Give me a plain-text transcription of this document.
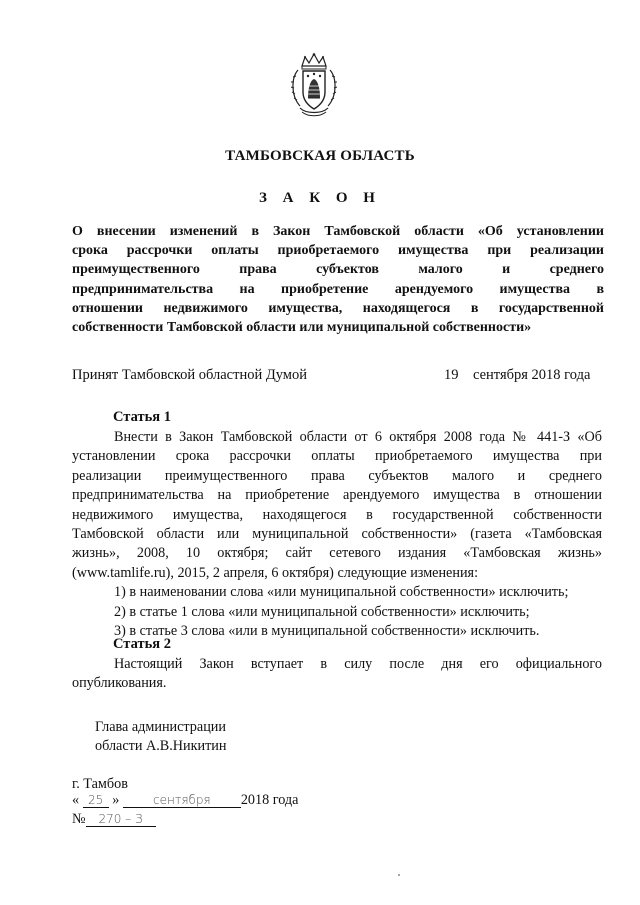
ТАМБОВСКАЯ ОБЛАСТЬ
З А К О Н
О внесении изменений в Закон Тамбовской области «Об установлении
срока рассрочки оплаты приобретаемого имущества при реализации
преимущественного права субъектов малого и среднего
предпринимательства на приобретение арендуемого имущества в
отношении недвижимого имущества, находящегося в государственной
собственности Тамбовской области или муниципальной собственности»
Принят Тамбовской областной Думой	19 сентября 2018 года
Статья 1
Внести в Закон Тамбовской области от 6 октября 2008 года № 441-З «Об
установлении срока рассрочки оплаты приобретаемого имущества при
реализации преимущественного права субъектов малого и среднего
предпринимательства на приобретение арендуемого имущества в отношении
недвижимого имущества, находящегося в государственной собственности
Тамбовской области или муниципальной собственности» (газета «Тамбовская
жизнь», 2008, 10 октября; сайт сетевого издания «Тамбовская жизнь»
(www.tamlife.ru), 2015, 2 апреля, 6 октября) следующие изменения:
1) в наименовании слова «или муниципальной собственности» исключить;
2) в статье 1 слова «или муниципальной собственности» исключить;
3) в статье 3 слова «или в муниципальной собственности» исключить.
Статья 2
Настоящий Закон вступает в силу после дня его официального
опубликования.
Глава администрации
области А.В.Никитин
г. Тамбов
« 25 »	сентября 2018 года
№ 270 – З
